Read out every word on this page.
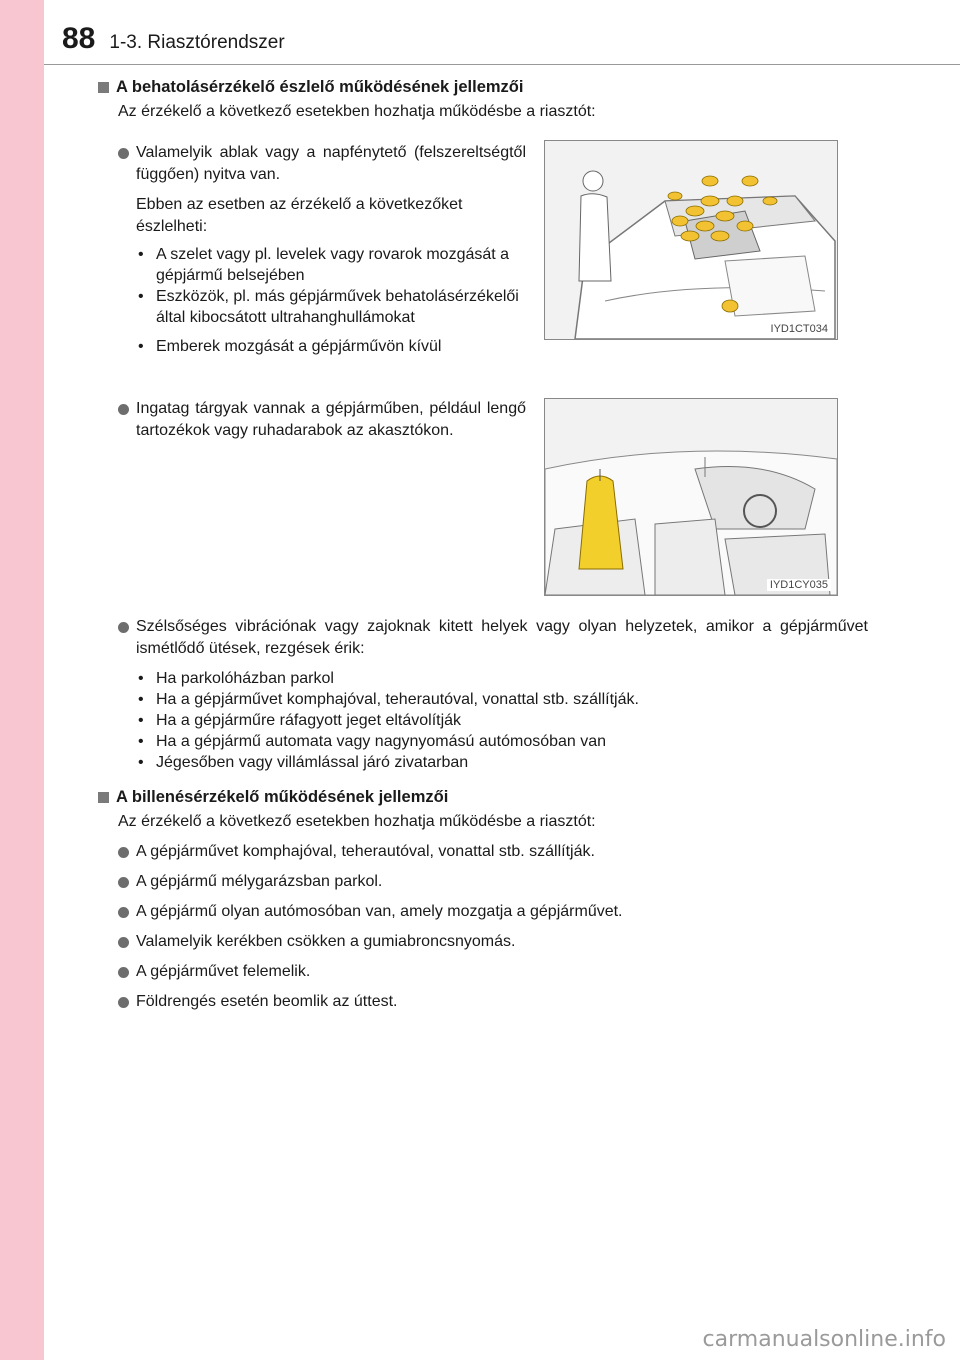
88 1-3. Riasztórendszer
A behatolásérzékelő észlelő működésének jellemzői
Az érzékelő a következő esetekben hozhatja működésbe a riasztót:
Valamelyik ablak vagy a napfénytető (felszereltségtől függően) nyitva van.
Ebben az esetben az érzékelő a következőket észlelheti:
• A szelet vagy pl. levelek vagy rovarok mozgását a gépjármű belsejében
• Eszközök, pl. más gépjárművek behatolásérzékelői által kibocsátott ultrahanghullámokat
• Emberek mozgását a gépjárművön kívül
IYD1CT034
Ingatag tárgyak vannak a gépjárműben, például lengő tartozékok vagy ruhadarabok az akasztókon.
IYD1CY035
Szélsőséges vibrációnak vagy zajoknak kitett helyek vagy olyan helyzetek, amikor a gépjárművet ismétlődő ütések, rezgések érik:
• Ha parkolóházban parkol
• Ha a gépjárművet komphajóval, teherautóval, vonattal stb. szállítják.
• Ha a gépjárműre ráfagyott jeget eltávolítják
• Ha a gépjármű automata vagy nagynyomású autómosóban van
• Jégesőben vagy villámlással járó zivatarban
A billenésérzékelő működésének jellemzői
Az érzékelő a következő esetekben hozhatja működésbe a riasztót:
A gépjárművet komphajóval, teherautóval, vonattal stb. szállítják.
A gépjármű mélygarázsban parkol.
A gépjármű olyan autómosóban van, amely mozgatja a gépjárművet.
Valamelyik kerékben csökken a gumiabroncsnyomás.
A gépjárművet felemelik.
Földrengés esetén beomlik az úttest.
carmanualsonline.info
